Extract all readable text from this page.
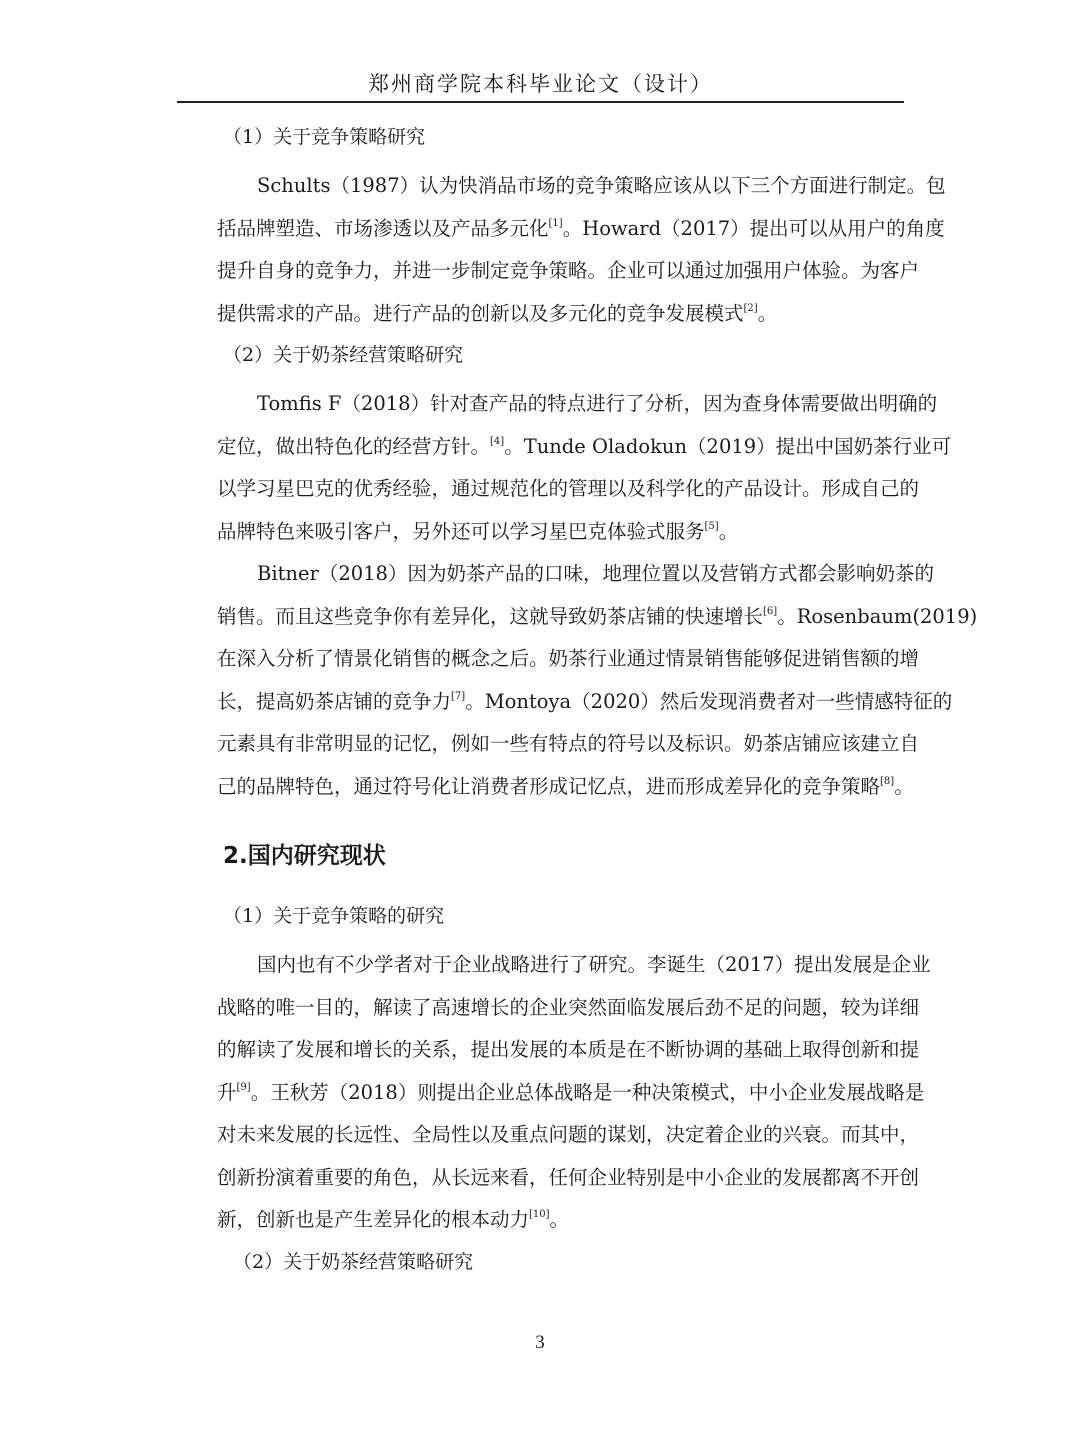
郑州商学院本科毕业论文（设计）
（1）关于竞争策略研究
Schults（1987）认为快消品市场的竞争策略应该从以下三个方面进行制定。包
括品牌塑造、市场渗透以及产品多元化[1]。Howard（2017）提出可以从用户的角度
提升自身的竞争力，并进一步制定竞争策略。企业可以通过加强用户体验。为客户
提供需求的产品。进行产品的创新以及多元化的竞争发展模式[2]。
（2）关于奶茶经营策略研究
Tomfis F（2018）针对查产品的特点进行了分析，因为查身体需要做出明确的
定位，做出特色化的经营方针。[4]。Tunde Oladokun（2019）提出中国奶茶行业可
以学习星巴克的优秀经验，通过规范化的管理以及科学化的产品设计。形成自己的
品牌特色来吸引客户，另外还可以学习星巴克体验式服务[5]。
Bitner（2018）因为奶茶产品的口味，地理位置以及营销方式都会影响奶茶的
销售。而且这些竞争你有差异化，这就导致奶茶店铺的快速增长[6]。Rosenbaum(2019)
在深入分析了情景化销售的概念之后。奶茶行业通过情景销售能够促进销售额的增
长，提高奶茶店铺的竞争力[7]。Montoya（2020）然后发现消费者对一些情感特征的
元素具有非常明显的记忆，例如一些有特点的符号以及标识。奶茶店铺应该建立自
己的品牌特色，通过符号化让消费者形成记忆点，进而形成差异化的竞争策略[8]。
2.国内研究现状
（1）关于竞争策略的研究
国内也有不少学者对于企业战略进行了研究。李诞生（2017）提出发展是企业
战略的唯一目的，解读了高速增长的企业突然面临发展后劲不足的问题，较为详细
的解读了发展和增长的关系，提出发展的本质是在不断协调的基础上取得创新和提
升[9]。王秋芳（2018）则提出企业总体战略是一种决策模式，中小企业发展战略是
对未来发展的长远性、全局性以及重点问题的谋划，决定着企业的兴衰。而其中，
创新扮演着重要的角色，从长远来看，任何企业特别是中小企业的发展都离不开创
新，创新也是产生差异化的根本动力[10]。
（2）关于奶茶经营策略研究
3
